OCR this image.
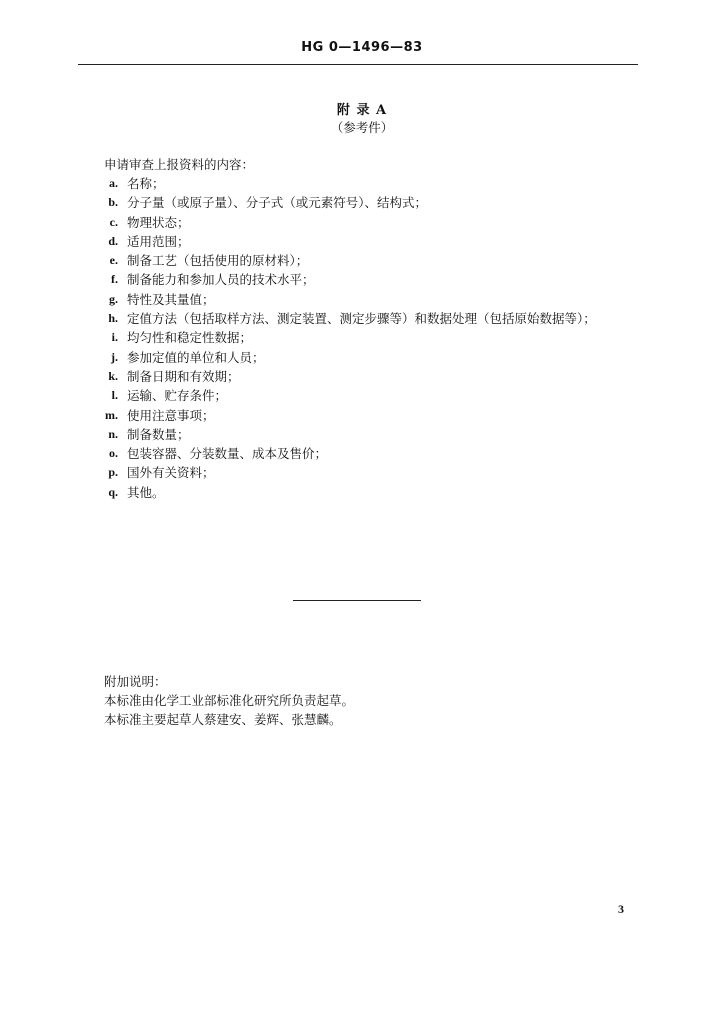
HG 0—1496—83
附 录 A
（参考件）
申请审查上报资料的内容：
a. 名称；
b. 分子量（或原子量）、分子式（或元素符号）、结构式；
c. 物理状态；
d. 适用范围；
e. 制备工艺（包括使用的原材料）；
f. 制备能力和参加人员的技术水平；
g. 特性及其量值；
h. 定值方法（包括取样方法、测定装置、测定步骤等）和数据处理（包括原始数据等）；
i. 均匀性和稳定性数据；
j. 参加定值的单位和人员；
k. 制备日期和有效期；
l. 运输、贮存条件；
m. 使用注意事项；
n. 制备数量；
o. 包装容器、分装数量、成本及售价；
p. 国外有关资料；
q. 其他。
附加说明：
本标准由化学工业部标准化研究所负责起草。
本标准主要起草人蔡建安、姜辉、张慧麟。
3
